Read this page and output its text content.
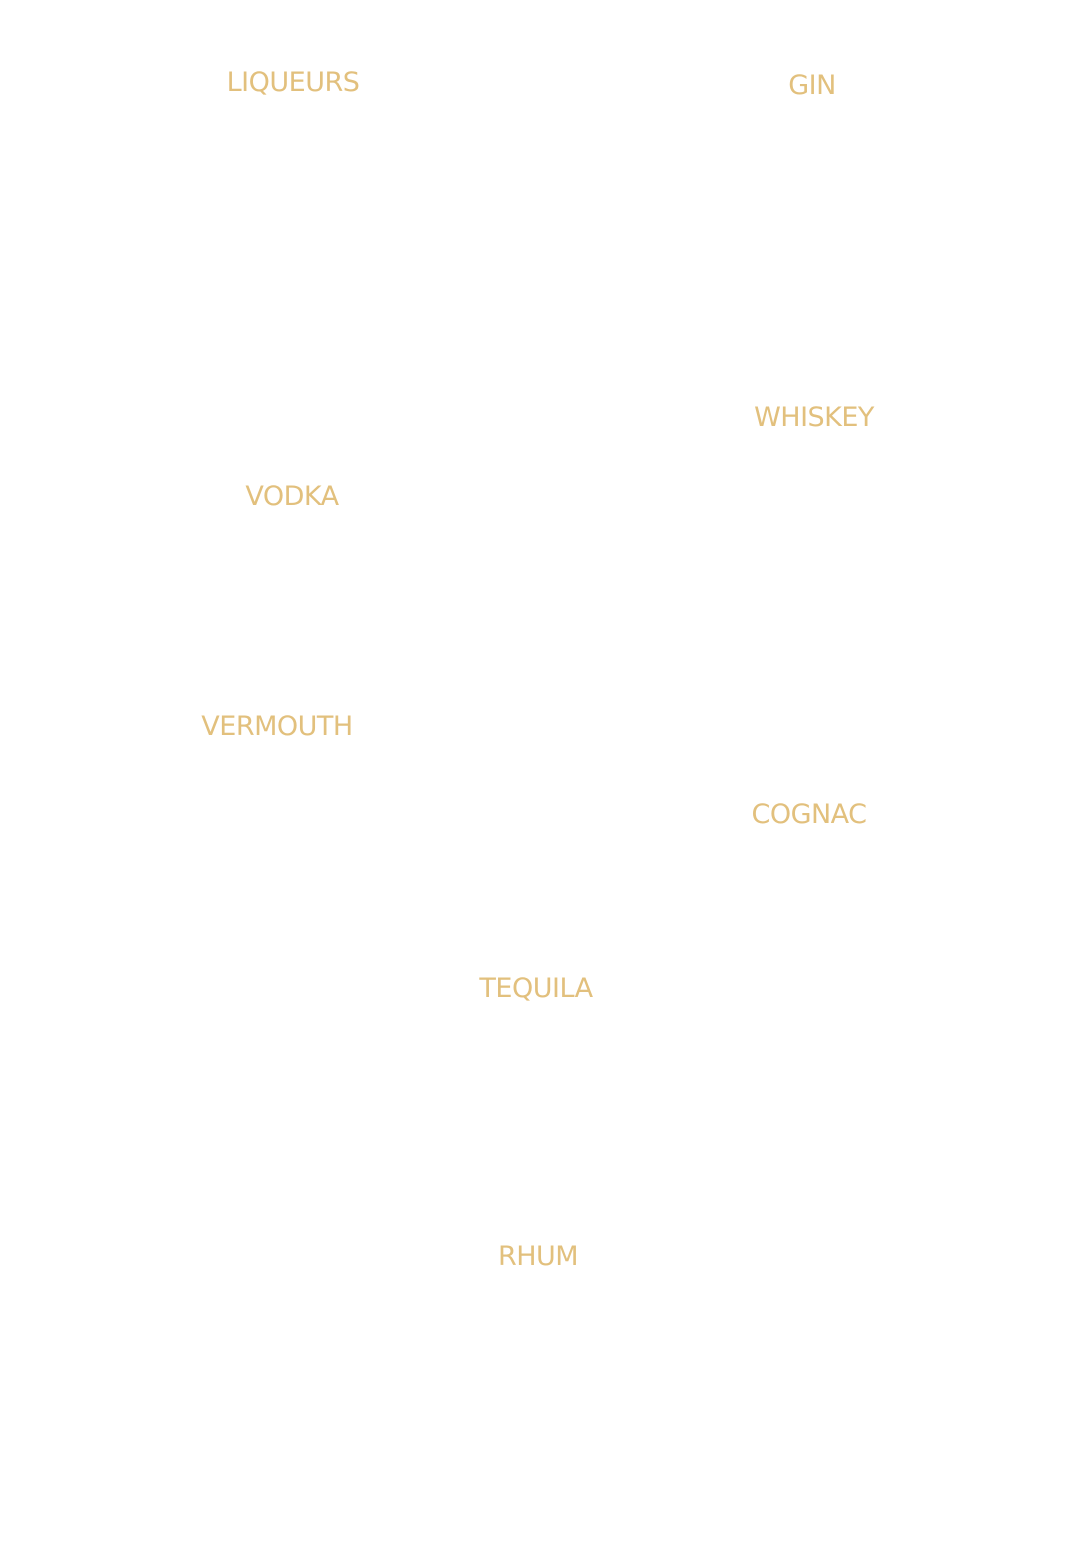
LIQUEURS	GIN
WHISKEY
VODKA
VERMOUTH
COGNAC
TEQUILA
RHUM
